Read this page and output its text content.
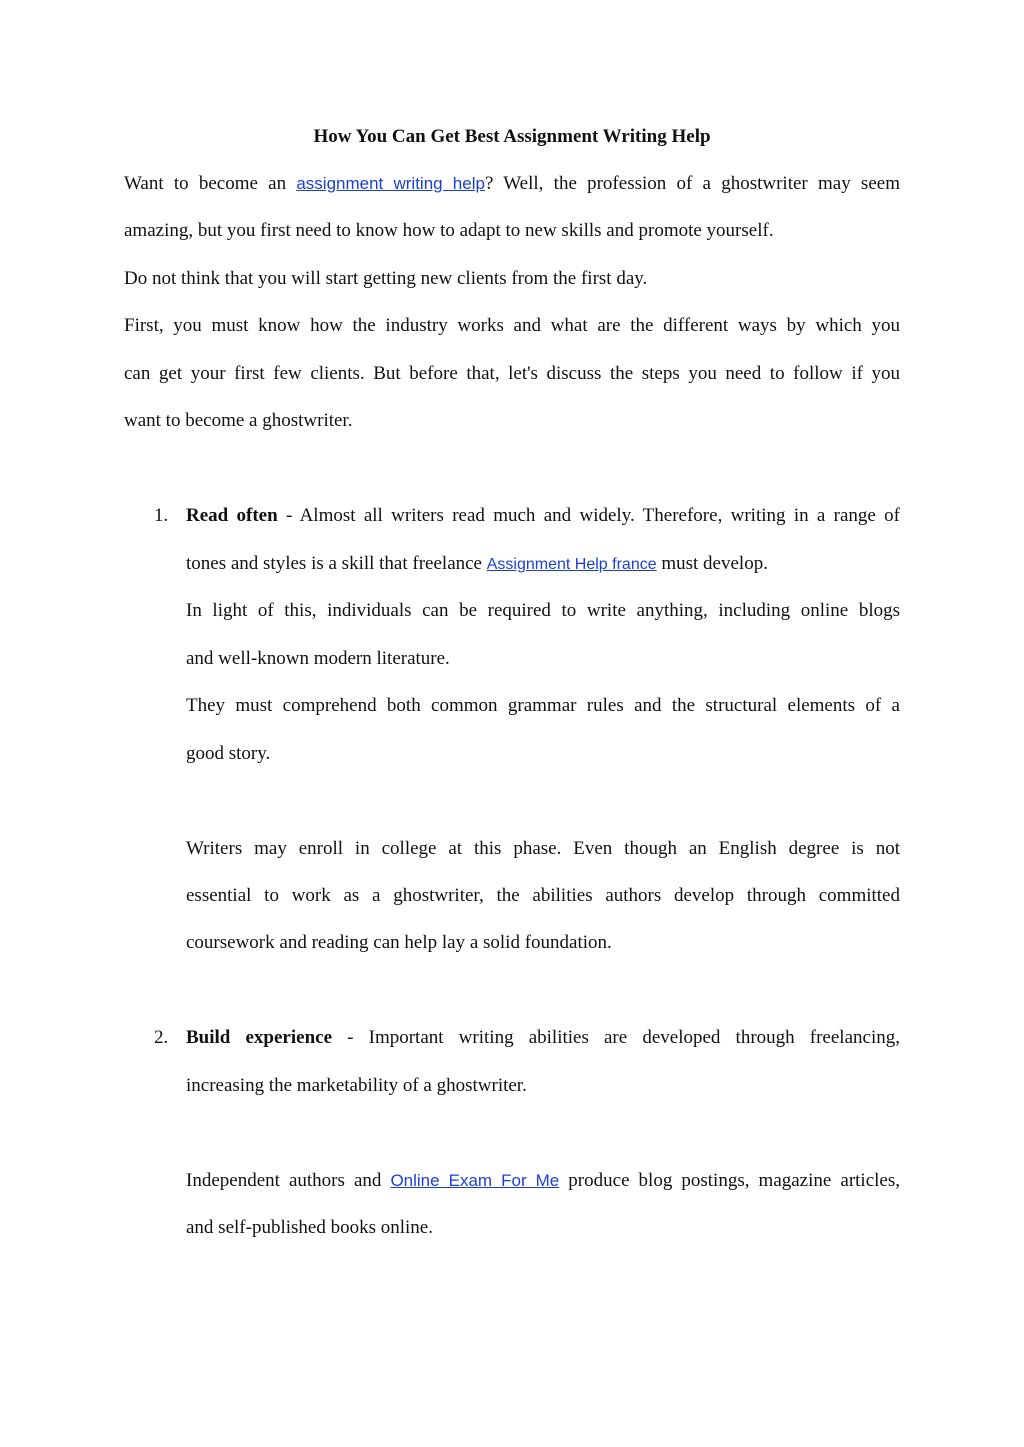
How You Can Get Best Assignment Writing Help
Want to become an assignment writing help? Well, the profession of a ghostwriter may seem
amazing, but you first need to know how to adapt to new skills and promote yourself.
Do not think that you will start getting new clients from the first day.
First, you must know how the industry works and what are the different ways by which you
can get your first few clients. But before that, let's discuss the steps you need to follow if you
want to become a ghostwriter.
1. Read often - Almost all writers read much and widely. Therefore, writing in a range of
tones and styles is a skill that freelance Assignment Help france must develop.
In light of this, individuals can be required to write anything, including online blogs
and well-known modern literature.
They must comprehend both common grammar rules and the structural elements of a
good story.
Writers may enroll in college at this phase. Even though an English degree is not
essential to work as a ghostwriter, the abilities authors develop through committed
coursework and reading can help lay a solid foundation.
2. Build experience - Important writing abilities are developed through freelancing,
increasing the marketability of a ghostwriter.
Independent authors and Online Exam For Me produce blog postings, magazine articles,
and self-published books online.
